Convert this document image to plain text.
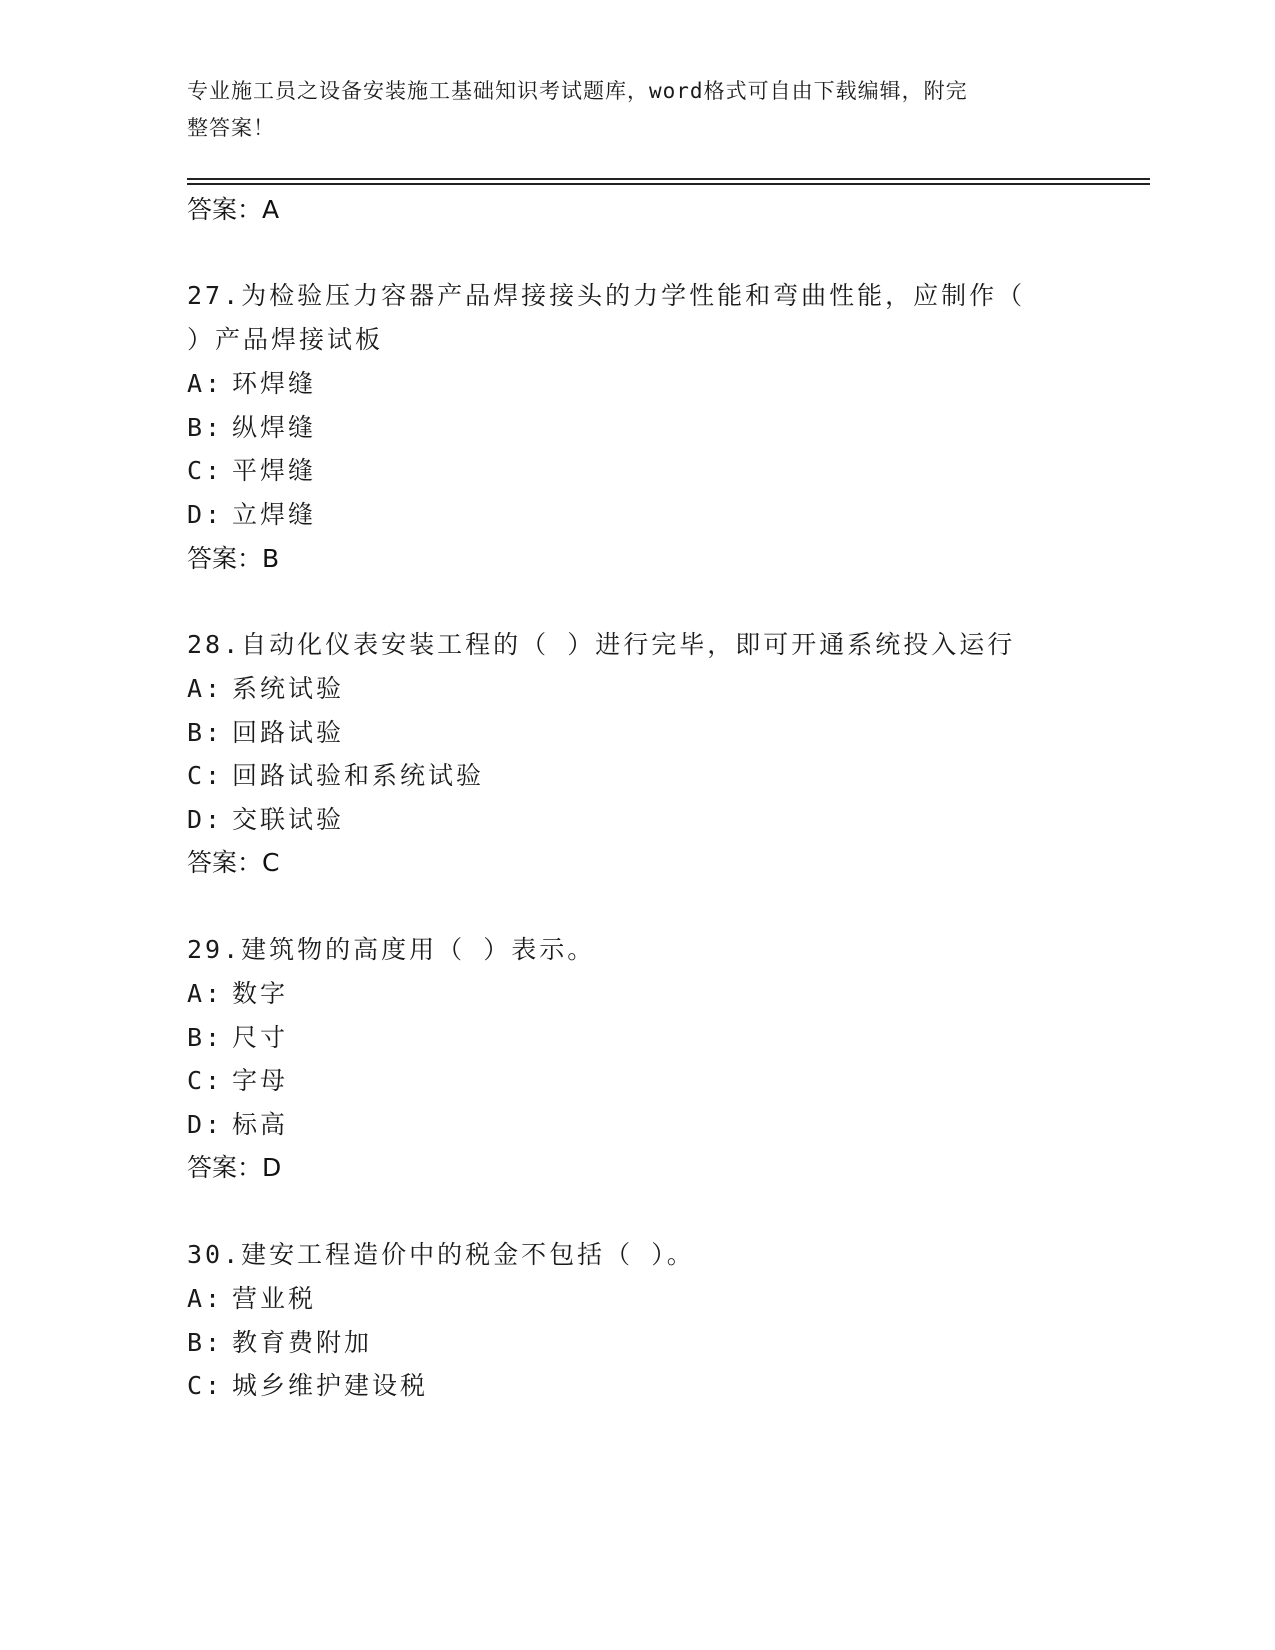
专业施工员之设备安装施工基础知识考试题库，word格式可自由下载编辑，附完
整答案！
答案：A
27.为检验压力容器产品焊接接头的力学性能和弯曲性能，应制作（
）产品焊接试板
A: 环焊缝
B: 纵焊缝
C: 平焊缝
D: 立焊缝
答案：B
28.自动化仪表安装工程的（ ）进行完毕，即可开通系统投入运行
A: 系统试验
B: 回路试验
C: 回路试验和系统试验
D: 交联试验
答案：C
29.建筑物的高度用（ ）表示。
A: 数字
B: 尺寸
C: 字母
D: 标高
答案：D
30.建安工程造价中的税金不包括（ ）。
A: 营业税
B: 教育费附加
C: 城乡维护建设税
